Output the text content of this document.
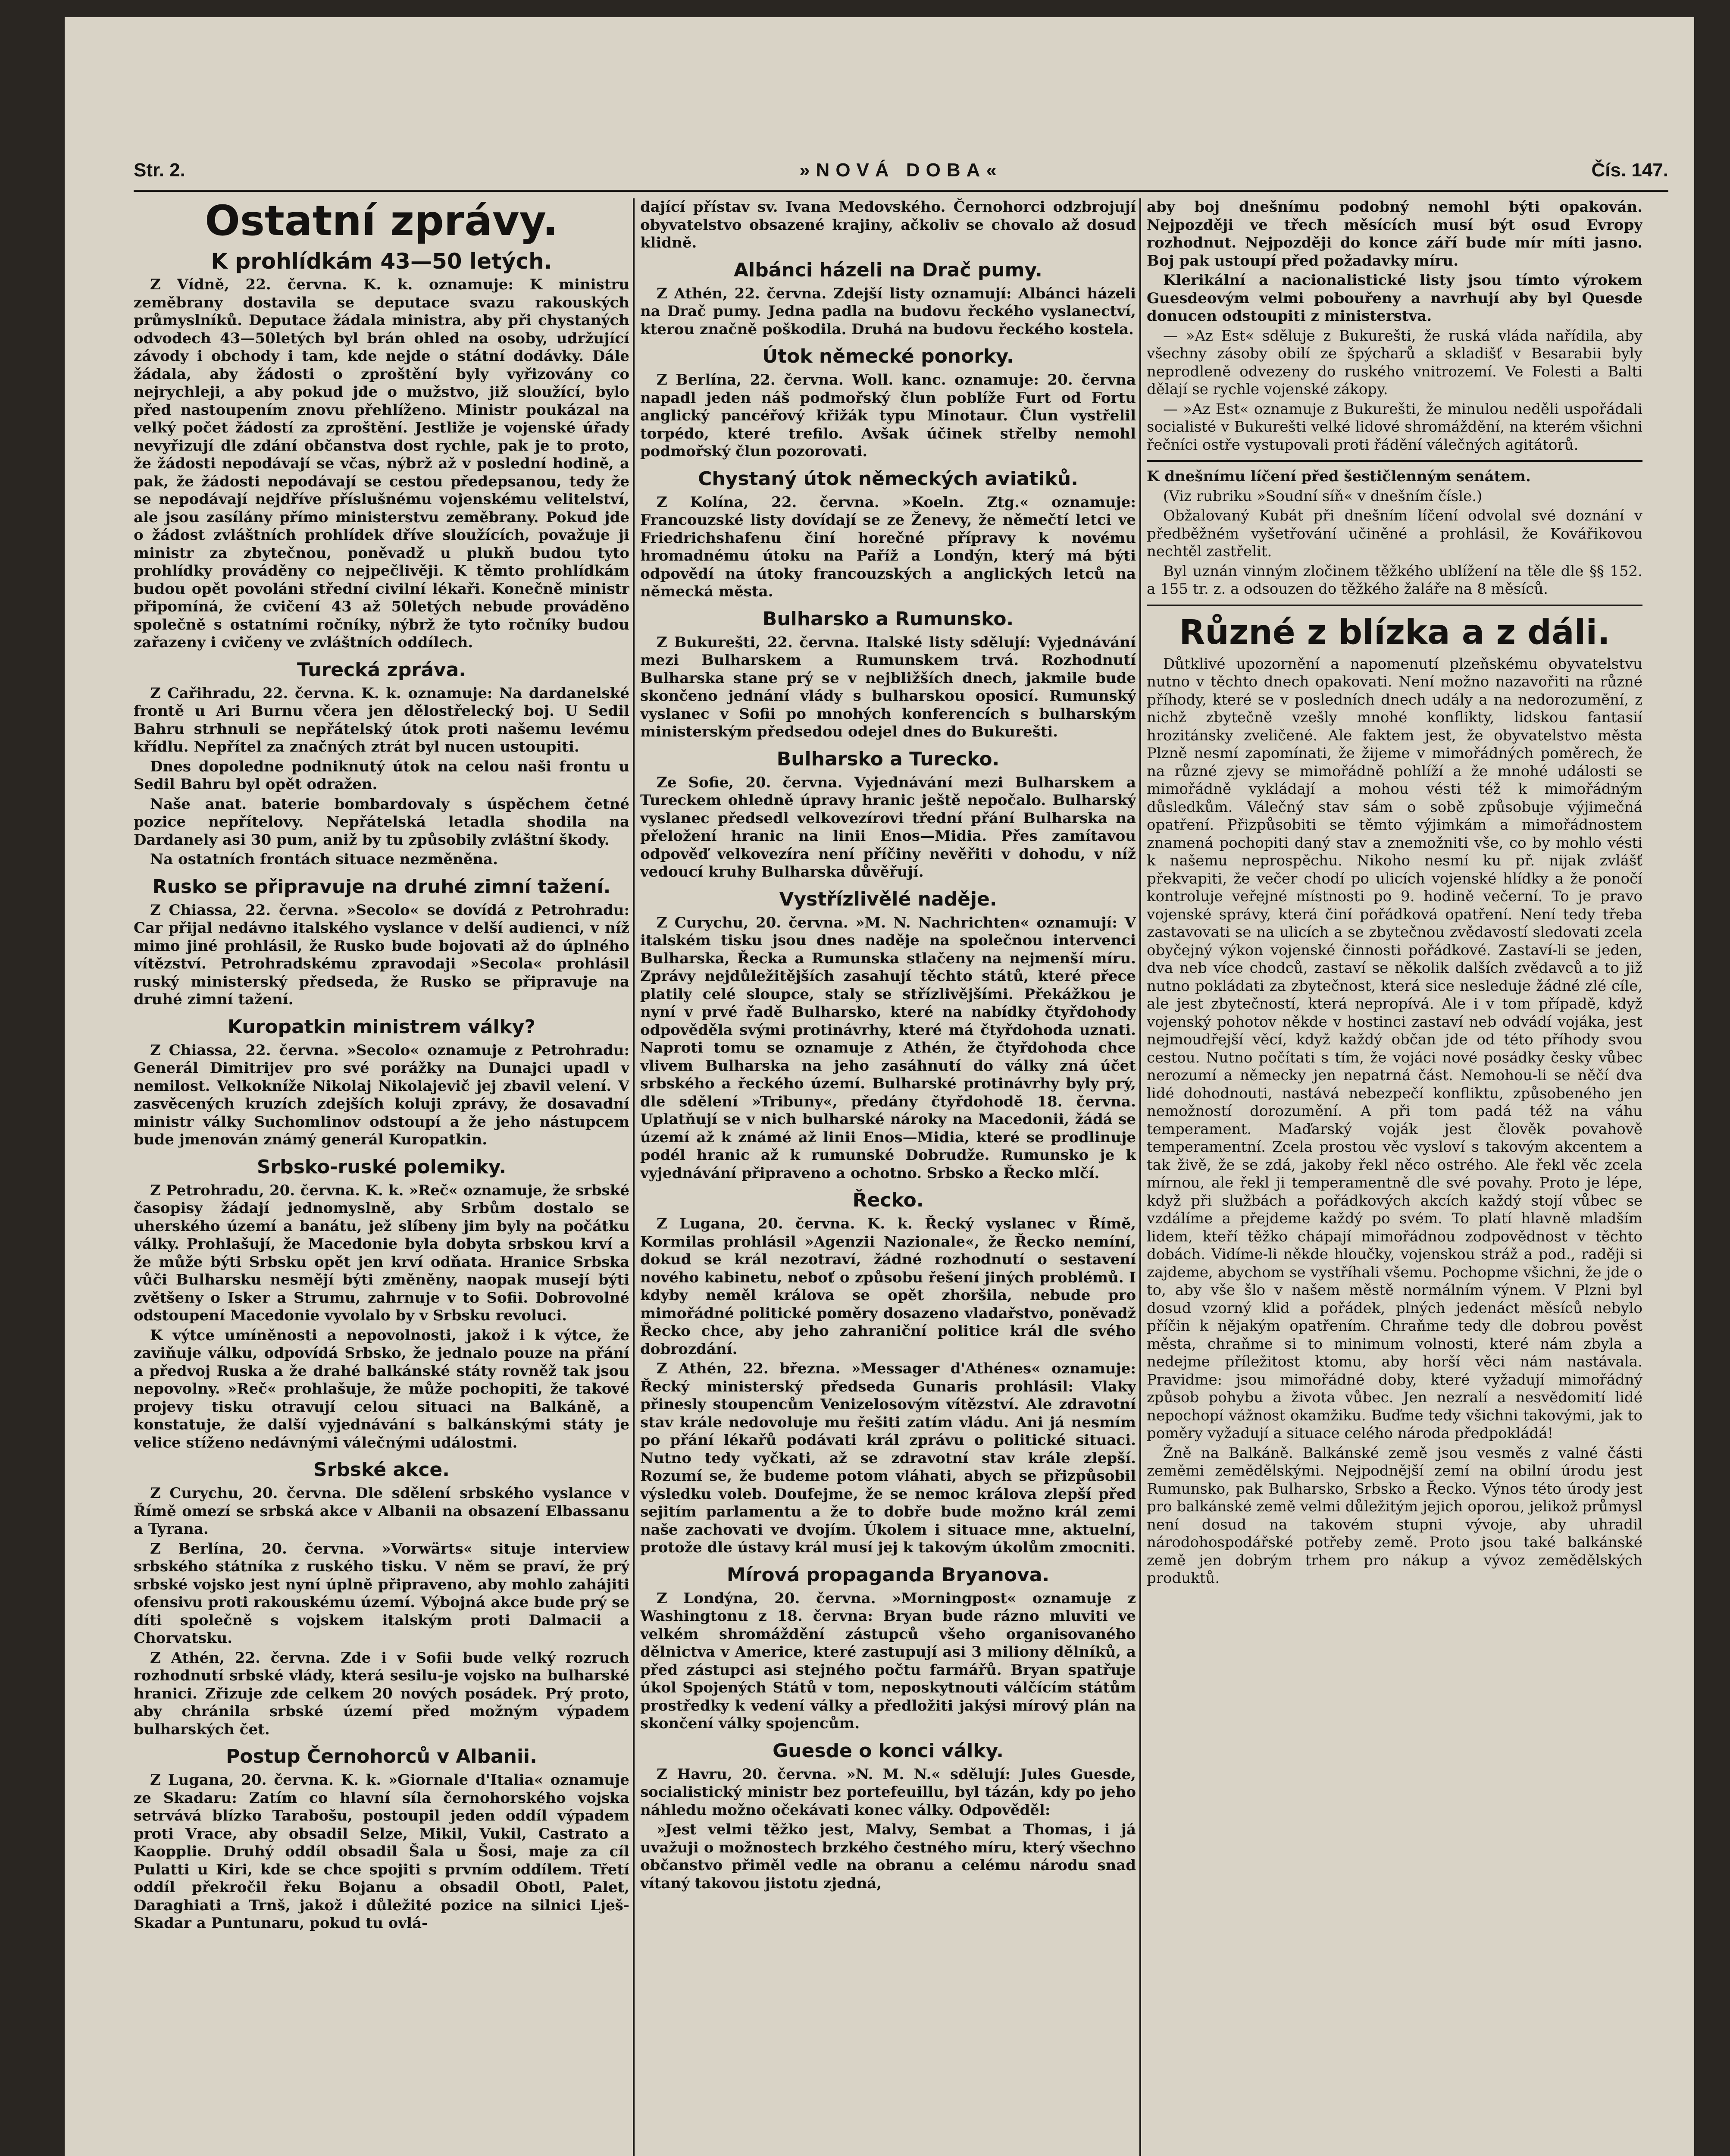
Str. 2.	»NOVÁ DOBA«	Čís. 147.
Ostatní zprávy.
K prohlídkám 43—50 letých.

Z Vídně, 22. června. K. k. oznamuje: K ministru zeměbrany dostavila se deputace svazu rakouských průmyslníků. Deputace žádala ministra, aby při chystaných odvodech 43—50letých byl brán ohled na osoby, udržující závody i obchody i tam, kde nejde o státní dodávky. Dále žádala, aby žádosti o zproštění byly vyřizovány co nejrychleji, a aby pokud jde o mužstvo, již sloužící, bylo před nastoupením znovu přehlíženo. Ministr poukázal na velký počet žádostí za zproštění. Jestliže je vojenské úřady nevyřizují dle zdání občanstva dost rychle, pak je to proto, že žádosti nepodávají se včas, nýbrž až v poslední hodině, a pak, že žádosti nepodávají se cestou předepsanou, tedy že se nepodávají nejdříve příslušnému vojenskému velitelství, ale jsou zasílány přímo ministerstvu zeměbrany. Pokud jde o žádost zvláštních prohlídek dříve sloužících, považuje ji ministr za zbytečnou, poněvadž u plukň budou tyto prohlídky prováděny co nejpečlivěji. K těmto prohlídkám budou opět povoláni střední civilní lékaři. Konečně ministr připomíná, že cvičení 43 až 50letých nebude prováděno společně s ostatními ročníky, nýbrž že tyto ročníky budou zařazeny i cvičeny ve zvláštních oddílech.

Turecká zpráva.

Z Cařihradu, 22. června. K. k. oznamuje: Na dardanelské frontě u Ari Burnu včera jen dělostřelecký boj. U Sedil Bahru strhnuli se nepřátelský útok proti našemu levému křídlu. Nepřítel za značných ztrát byl nucen ustoupiti.

Dnes dopoledne podniknutý útok na celou naši frontu u Sedil Bahru byl opět odražen.

Naše anat. baterie bombardovaly s úspěchem četné pozice nepřítelovy. Nepřátelská letadla shodila na Dardanely asi 30 pum, aniž by tu způsobily zvláštní škody.

Na ostatních frontách situace nezměněna.

Rusko se připravuje na druhé zimní tažení.

Z Chiassa, 22. června. »Secolo« se dovídá z Petrohradu: Car přijal nedávno italského vyslance v delší audienci, v níž mimo jiné prohlásil, že Rusko bude bojovati až do úplného vítězství. Petrohradskému zpravodaji »Secola« prohlásil ruský ministerský předseda, že Rusko se připravuje na druhé zimní tažení.

Kuropatkin ministrem války?

Z Chiassa, 22. června. »Secolo« oznamuje z Petrohradu: Generál Dimitrijev pro své porážky na Dunajci upadl v nemilost. Velkokníže Nikolaj Nikolajevič jej zbavil velení. V zasvěcených kruzích zdejších koluji zprávy, že dosavadní ministr války Suchomlinov odstoupí a že jeho nástupcem bude jmenován známý generál Kuropatkin.

Srbsko-ruské polemiky.

Z Petrohradu, 20. června. K. k. »Reč« oznamuje, že srbské časopisy žádají jednomyslně, aby Srbům dostalo se uherského území a banátu, jež slíbeny jim byly na počátku války. Prohlašují, že Macedonie byla dobyta srbskou krví a že může býti Srbsku opět jen krví odňata. Hranice Srbska vůči Bulharsku nesmějí býti změněny, naopak musejí býti zvětšeny o Isker a Strumu, zahrnuje v to Sofii. Dobrovolné odstoupení Macedonie vyvolalo by v Srbsku revoluci.

K výtce umíněnosti a nepovolnosti, jakož i k výtce, že zaviňuje válku, odpovídá Srbsko, že jednalo pouze na přání a předvoj Ruska a že drahé balkánské státy rovněž tak jsou nepovolny. »Reč« prohlašuje, že může pochopiti, že takové projevy tisku otravují celou situaci na Balkáně, a konstatuje, že další vyjednávání s balkánskými státy je velice stíženo nedávnými válečnými událostmi.

Srbské akce.

Z Curychu, 20. června. Dle sdělení srbského vyslance v Římě omezí se srbská akce v Albanii na obsazení Elbassanu a Tyrana.

Z Berlína, 20. června. »Vorwärts« situje interview srbského státníka z ruského tisku. V něm se praví, že prý srbské vojsko jest nyní úplně připraveno, aby mohlo zahájiti ofensivu proti rakouskému území. Výbojná akce bude prý se díti společně s vojskem italským proti Dalmacii a Chorvatsku.

Z Athén, 22. června. Zde i v Sofii bude velký rozruch rozhodnutí srbské vlády, která sesilu-je vojsko na bulharské hranici. Zřizuje zde celkem 20 nových posádek. Prý proto, aby chránila srbské území před možným výpadem bulharských čet.

Postup Černohorců v Albanii.

Z Lugana, 20. června. K. k. »Giornale d'Italia« oznamuje ze Skadaru: Zatím co hlavní síla černohorského vojska setrvává blízko Tarabošu, postoupil jeden oddíl výpadem proti Vrace, aby obsadil Selze, Mikil, Vukil, Castrato a Kaopplie. Druhý oddíl obsadil Šala u Šosi, maje za cíl Pulatti u Kiri, kde se chce spojiti s prvním oddílem. Třetí oddíl překročil řeku Bojanu a obsadil Obotl, Palet, Daraghiati a Trnš, jakož i důležité pozice na silnici Lješ-Skadar a Puntunaru, pokud tu ovlá-

dající přístav sv. Ivana Medovského. Černohorci odzbrojují obyvatelstvo obsazené krajiny, ačkoliv se chovalo až dosud klidně.

Albánci házeli na Drač pumy.

Z Athén, 22. června. Zdejší listy oznamují: Albánci házeli na Drač pumy. Jedna padla na budovu řeckého vyslanectví, kterou značně poškodila. Druhá na budovu řeckého kostela.

Útok německé ponorky.

Z Berlína, 22. června. Woll. kanc. oznamuje: 20. června napadl jeden náš podmořský člun poblíže Furt od Fortu anglický pancéřový křižák typu Minotaur. Člun vystřelil torpédo, které trefilo. Avšak účinek střelby nemohl podmořský člun pozorovati.

Chystaný útok německých aviatiků.

Z Kolína, 22. června. »Koeln. Ztg.« oznamuje: Francouzské listy dovídají se ze Ženevy, že němečtí letci ve Friedrichshafenu činí horečné přípravy k novému hromadnému útoku na Paříž a Londýn, který má býti odpovědí na útoky francouzských a anglických letců na německá města.

Bulharsko a Rumunsko.

Z Bukurešti, 22. června. Italské listy sdělují: Vyjednávání mezi Bulharskem a Rumunskem trvá. Rozhodnutí Bulharska stane prý se v nejbližších dnech, jakmile bude skončeno jednání vlády s bulharskou oposicí. Rumunský vyslanec v Sofii po mnohých konferencích s bulharským ministerským předsedou odejel dnes do Bukurešti.

Bulharsko a Turecko.

Ze Sofie, 20. června. Vyjednávání mezi Bulharskem a Tureckem ohledně úpravy hranic ještě nepočalo. Bulharský vyslanec předsedl velkovezírovi třední přání Bulharska na přeložení hranic na linii Enos—Midia. Přes zamítavou odpověď velkovezíra není příčiny nevěřiti v dohodu, v níž vedoucí kruhy Bulharska důvěřují.

Vystřízlivělé naděje.

Z Curychu, 20. června. »M. N. Nachrichten« oznamují: V italském tisku jsou dnes naděje na společnou intervenci Bulharska, Řecka a Rumunska stlačeny na nejmenší míru. Zprávy nejdůležitějších zasahují těchto států, které přece platily celé sloupce, staly se střízlivějšími. Překážkou je nyní v prvé řadě Bulharsko, které na nabídky čtyřdohody odpověděla svými protinávrhy, které má čtyřdohoda uznati. Naproti tomu se oznamuje z Athén, že čtyřdohoda chce vlivem Bulharska na jeho zasáhnutí do války zná účet srbského a řeckého území. Bulharské protinávrhy byly prý, dle sdělení »Tribuny«, předány čtyřdohodě 18. června. Uplatňují se v nich bulharské nároky na Macedonii, žádá se území až k známé až linii Enos—Midia, které se prodlinuje podél hranic až k rumunské Dobrudže. Rumunsko je k vyjednávání připraveno a ochotno. Srbsko a Řecko mlčí.

Řecko.

Z Lugana, 20. června. K. k. Řecký vyslanec v Římě, Kormilas prohlásil »Agenzii Nazionale«, že Řecko nemíní, dokud se král nezotraví, žádné rozhodnutí o sestavení nového kabinetu, neboť o způsobu řešení jiných problémů. I kdyby neměl králova se opět zhoršila, nebude pro mimořádné politické poměry dosazeno vladařstvo, poněvadž Řecko chce, aby jeho zahraniční politice král dle svého dobrozdání.

Z Athén, 22. března. »Messager d'Athénes« oznamuje: Řecký ministerský předseda Gunaris prohlásil: Vlaky přinesly stoupencům Venizelosovým vítězství. Ale zdravotní stav krále nedovoluje mu řešiti zatím vládu. Ani já nesmím po přání lékařů podávati král zprávu o politické situaci. Nutno tedy vyčkati, až se zdravotní stav krále zlepší. Rozumí se, že budeme potom vláhati, abych se přizpůsobil výsledku voleb. Doufejme, že se nemoc králova zlepší před sejitím parlamentu a že to dobře bude možno král zemi naše zachovati ve dvojím. Úkolem i situace mne, aktuelní, protože dle ústavy král musí jej k takovým úkolům zmocniti.

Mírová propaganda Bryanova.

Z Londýna, 20. června. »Morningpost« oznamuje z Washingtonu z 18. června: Bryan bude rázno mluviti ve velkém shromáždění zástupců všeho organisovaného dělnictva v Americe, které zastupují asi 3 miliony dělníků, a před zástupci asi stejného počtu farmářů. Bryan spatřuje úkol Spojených Států v tom, neposkytnouti válčícím státům prostředky k vedení války a předložiti jakýsi mírový plán na skončení války spojencům.

Guesde o konci války.

Z Havru, 20. června. »N. M. N.« sdělují: Jules Guesde, socialistický ministr bez portefeuillu, byl tázán, kdy po jeho náhledu možno očekávati konec války. Odpověděl:

»Jest velmi těžko jest, Malvy, Sembat a Thomas, i já uvažuji o možnostech brzkého čestného míru, který všechno občanstvo přiměl vedle na obranu a celému národu snad vítaný takovou jistotu zjedná,

aby boj dnešnímu podobný nemohl býti opakován. Nejpozději ve třech měsících musí být osud Evropy rozhodnut. Nejpozději do konce září bude mír míti jasno. Boj pak ustoupí před požadavky míru.

Klerikální a nacionalistické listy jsou tímto výrokem Guesdeovým velmi pobouřeny a navrhují aby byl Quesde donucen odstoupiti z ministerstva.

— »Az Est« sděluje z Bukurešti, že ruská vláda nařídila, aby všechny zásoby obilí ze špýcharů a skladišť v Besarabii byly neprodleně odvezeny do ruského vnitrozemí. Ve Folesti a Balti dělají se rychle vojenské zákopy.

— »Az Est« oznamuje z Bukurešti, že minulou neděli uspořádali socialisté v Bukurešti velké lidové shromáždění, na kterém všichni řečníci ostře vystupovali proti řádění válečných agitátorů.

K dnešnímu líčení před šestičlenným senátem.

(Viz rubriku »Soudní síň« v dnešním čísle.)

Obžalovaný Kubát při dnešním líčení odvolal své doznání v předběžném vyšetřování učiněné a prohlásil, že Kovářikovou nechtěl zastřelit.

Byl uznán vinným zločinem těžkého ublížení na těle dle §§ 152. a 155 tr. z. a odsouzen do těžkého žaláře na 8 měsíců.

Různé z blízka a z dáli.

Důtklivé upozornění a napomenutí plzeňskému obyvatelstvu nutno v těchto dnech opakovati. Není možno nazavořiti na různé příhody, které se v posledních dnech udály a na nedorozumění, z nichž zbytečně vzešly mnohé konflikty, lidskou fantasií hrozitánsky zveličené. Ale faktem jest, že obyvatelstvo města Plzně nesmí zapomínati, že žijeme v mimořádných poměrech, že na různé zjevy se mimořádně pohlíží a že mnohé události se mimořádně vykládají a mohou vésti též k mimořádným důsledkům. Válečný stav sám o sobě způsobuje výjimečná opatření. Přizpůsobiti se těmto výjimkám a mimořádnostem znamená pochopiti daný stav a znemožniti vše, co by mohlo vésti k našemu neprospěchu. Nikoho nesmí ku př. nijak zvlášť překvapiti, že večer chodí po ulicích vojenské hlídky a že ponočí kontroluje veřejné místnosti po 9. hodině večerní. To je pravo vojenské správy, která činí pořádková opatření. Není tedy třeba zastavovati se na ulicích a se zbytečnou zvědavostí sledovati zcela obyčejný výkon vojenské činnosti pořádkové. Zastaví-li se jeden, dva neb více chodců, zastaví se několik dalších zvědavců a to již nutno pokládati za zbytečnost, která sice nesleduje žádné zlé cíle, ale jest zbytečností, která nepropívá. Ale i v tom případě, když vojenský pohotov někde v hostinci zastaví neb odvádí vojáka, jest nejmoudřejší věcí, když každý občan jde od této příhody svou cestou. Nutno počítati s tím, že vojáci nové posádky česky vůbec nerozumí a německy jen nepatrná část. Nemohou-li se něčí dva lidé dohodnouti, nastává nebezpečí konfliktu, způsobeného jen nemožností dorozumění. A při tom padá též na váhu temperament. Maďarský voják jest člověk povahově temperamentní. Zcela prostou věc vysloví s takovým akcentem a tak živě, že se zdá, jakoby řekl něco ostrého. Ale řekl věc zcela mírnou, ale řekl ji temperamentně dle své povahy. Proto je lépe, když při službách a pořádkových akcích každý stojí vůbec se vzdálíme a přejdeme každý po svém. To platí hlavně mladším lidem, kteří těžko chápají mimořádnou zodpovědnost v těchto dobách. Vidíme-li někde hloučky, vojenskou stráž a pod., raději si zajdeme, abychom se vystříhali všemu. Pochopme všichni, že jde o to, aby vše šlo v našem městě normálním výnem. V Plzni byl dosud vzorný klid a pořádek, plných jedenáct měsíců nebylo příčin k nějakým opatřením. Chraňme tedy dle dobrou pověst města, chraňme si to minimum volnosti, které nám zbyla a nedejme příležitost ktomu, aby horší věci nám nastávala. Pravidme: jsou mimořádné doby, které vyžadují mimořádný způsob pohybu a života vůbec. Jen nezralí a nesvědomití lidé nepochopí vážnost okamžiku. Buďme tedy všichni takovými, jak to poměry vyžadují a situace celého národa předpokládá!

Žně na Balkáně. Balkánské země jsou vesměs z valné části zeměmi zemědělskými. Nejpodnější zemí na obilní úrodu jest Rumunsko, pak Bulharsko, Srbsko a Řecko. Výnos této úrody jest pro balkánské země velmi důležitým jejich oporou, jelikož průmysl není dosud na takovém stupni vývoje, aby uhradil národohospodářské potřeby země. Proto jsou také balkánské země jen dobrým trhem pro nákup a vývoz zemědělských produktů.
